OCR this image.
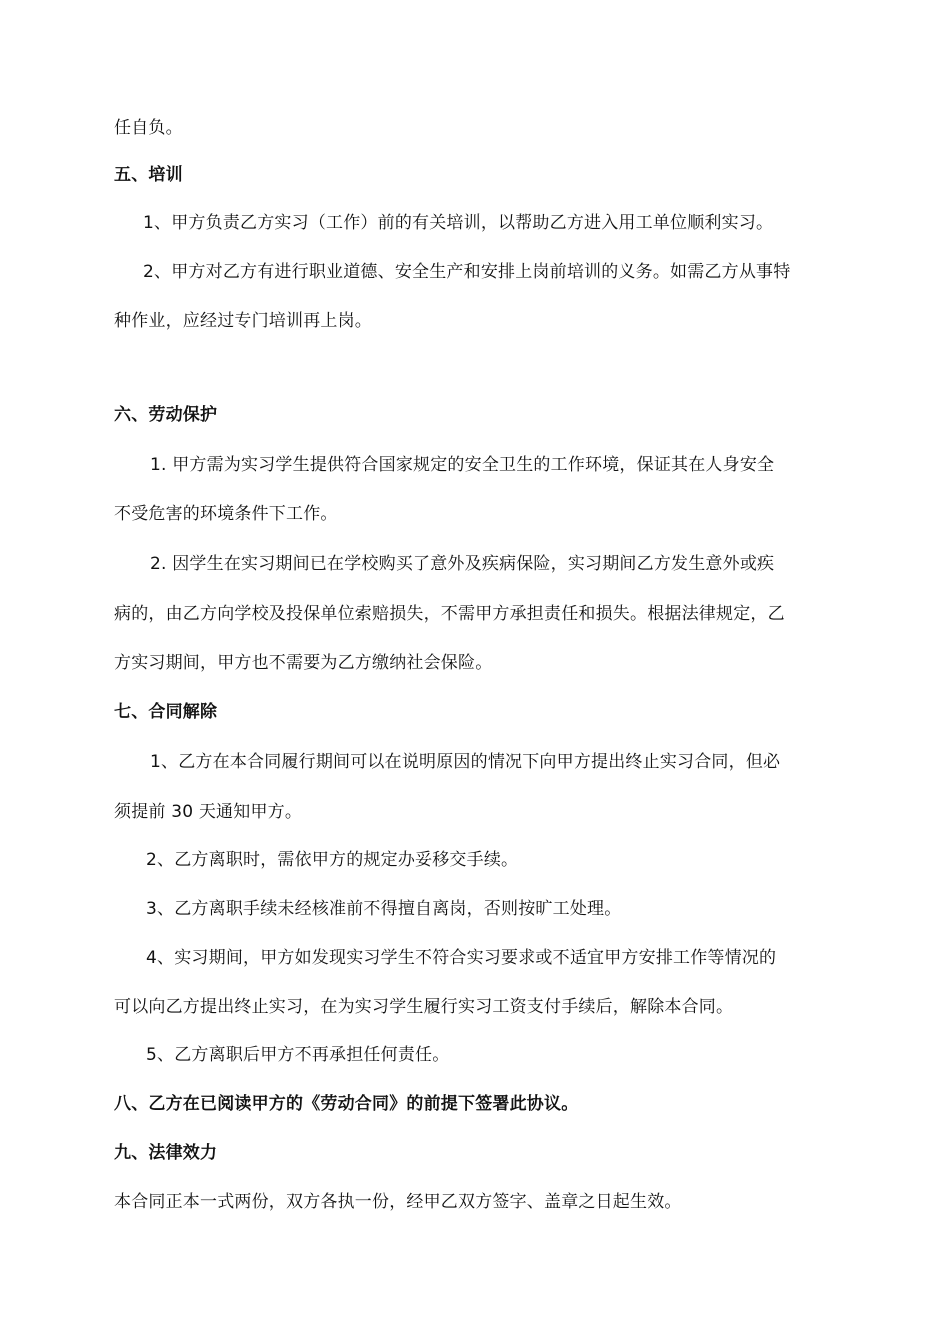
任自负。
五、培训
1、甲方负责乙方实习（工作）前的有关培训，以帮助乙方进入用工单位顺利实习。
2、甲方对乙方有进行职业道德、安全生产和安排上岗前培训的义务。如需乙方从事特
种作业，应经过专门培训再上岗。
六、劳动保护
1. 甲方需为实习学生提供符合国家规定的安全卫生的工作环境，保证其在人身安全
不受危害的环境条件下工作。
2. 因学生在实习期间已在学校购买了意外及疾病保险，实习期间乙方发生意外或疾
病的，由乙方向学校及投保单位索赔损失，不需甲方承担责任和损失。根据法律规定，乙
方实习期间，甲方也不需要为乙方缴纳社会保险。
七、合同解除
1、乙方在本合同履行期间可以在说明原因的情况下向甲方提出终止实习合同，但必
须提前 30 天通知甲方。
2、乙方离职时，需依甲方的规定办妥移交手续。
3、乙方离职手续未经核准前不得擅自离岗，否则按旷工处理。
4、实习期间，甲方如发现实习学生不符合实习要求或不适宜甲方安排工作等情况的
可以向乙方提出终止实习，在为实习学生履行实习工资支付手续后，解除本合同。
5、乙方离职后甲方不再承担任何责任。
八、乙方在已阅读甲方的《劳动合同》的前提下签署此协议。
九、法律效力
本合同正本一式两份，双方各执一份，经甲乙双方签字、盖章之日起生效。
